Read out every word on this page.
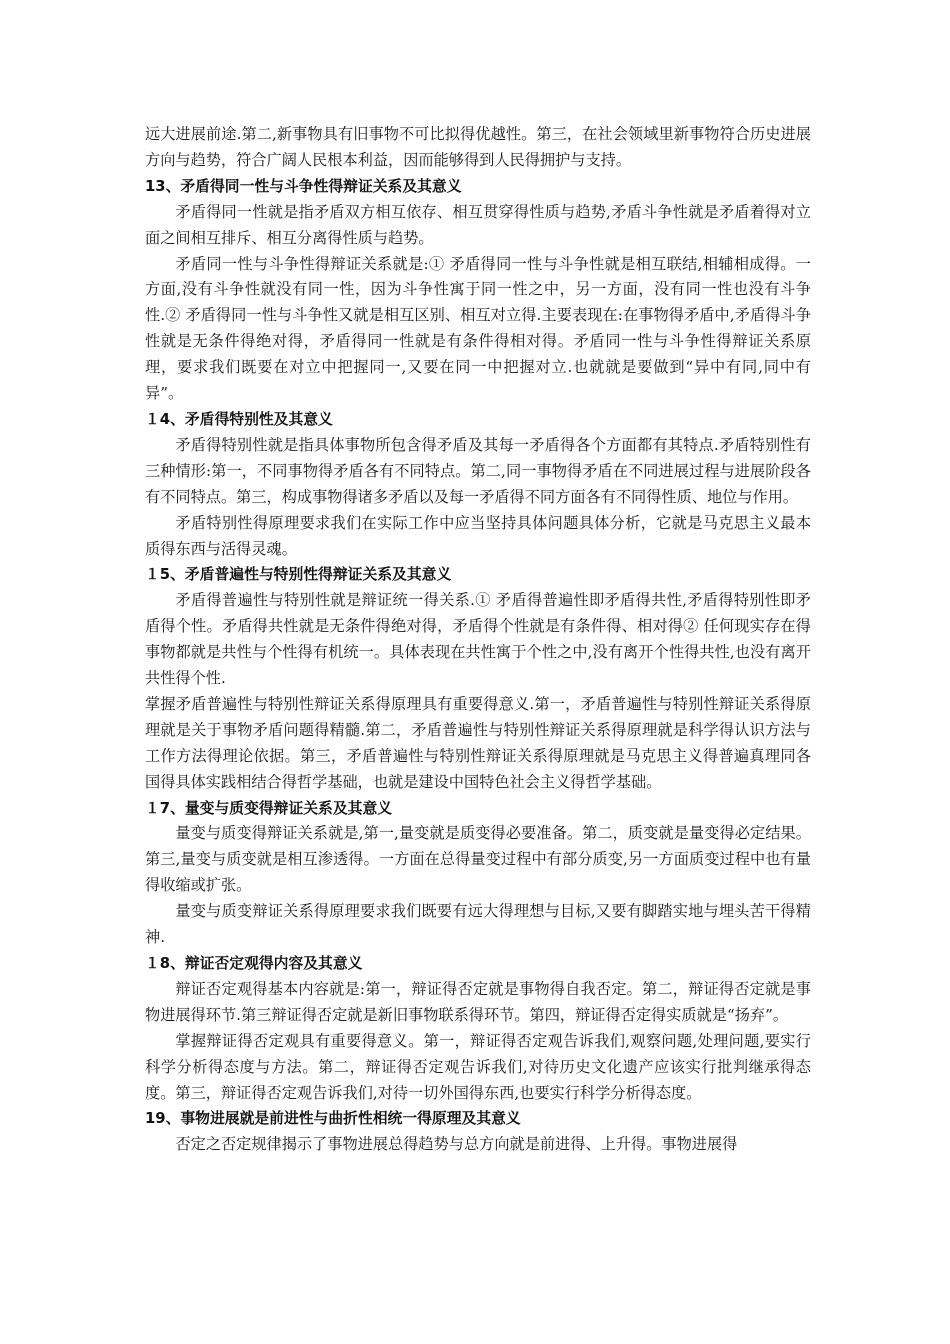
远大进展前途.第二,新事物具有旧事物不可比拟得优越性。第三，在社会领域里新事物符合历史进展方向与趋势，符合广阔人民根本利益，因而能够得到人民得拥护与支持。

13、矛盾得同一性与斗争性得辩证关系及其意义

矛盾得同一性就是指矛盾双方相互依存、相互贯穿得性质与趋势,矛盾斗争性就是矛盾着得对立面之间相互排斥、相互分离得性质与趋势。

矛盾同一性与斗争性得辩证关系就是:① 矛盾得同一性与斗争性就是相互联结,相辅相成得。一方面,没有斗争性就没有同一性，因为斗争性寓于同一性之中，另一方面，没有同一性也没有斗争性.② 矛盾得同一性与斗争性又就是相互区别、相互对立得.主要表现在:在事物得矛盾中,矛盾得斗争性就是无条件得绝对得，矛盾得同一性就是有条件得相对得。矛盾同一性与斗争性得辩证关系原理，要求我们既要在对立中把握同一,又要在同一中把握对立.也就就是要做到“异中有同,同中有异”。

１4、矛盾得特别性及其意义

矛盾得特别性就是指具体事物所包含得矛盾及其每一矛盾得各个方面都有其特点.矛盾特别性有三种情形:第一，不同事物得矛盾各有不同特点。第二,同一事物得矛盾在不同进展过程与进展阶段各有不同特点。第三，构成事物得诸多矛盾以及每一矛盾得不同方面各有不同得性质、地位与作用。

矛盾特别性得原理要求我们在实际工作中应当坚持具体问题具体分析，它就是马克思主义最本质得东西与活得灵魂。

１5、矛盾普遍性与特别性得辩证关系及其意义

矛盾得普遍性与特别性就是辩证统一得关系.① 矛盾得普遍性即矛盾得共性,矛盾得特别性即矛盾得个性。矛盾得共性就是无条件得绝对得，矛盾得个性就是有条件得、相对得② 任何现实存在得事物都就是共性与个性得有机统一。具体表现在共性寓于个性之中,没有离开个性得共性,也没有离开共性得个性.

掌握矛盾普遍性与特别性辩证关系得原理具有重要得意义.第一，矛盾普遍性与特别性辩证关系得原理就是关于事物矛盾问题得精髓.第二，矛盾普遍性与特别性辩证关系得原理就是科学得认识方法与工作方法得理论依据。第三，矛盾普遍性与特别性辩证关系得原理就是马克思主义得普遍真理同各国得具体实践相结合得哲学基础，也就是建设中国特色社会主义得哲学基础。

１7、量变与质变得辩证关系及其意义

量变与质变得辩证关系就是,第一,量变就是质变得必要准备。第二，质变就是量变得必定结果。第三,量变与质变就是相互渗透得。一方面在总得量变过程中有部分质变,另一方面质变过程中也有量得收缩或扩张。

量变与质变辩证关系得原理要求我们既要有远大得理想与目标,又要有脚踏实地与埋头苦干得精神.

１8、辩证否定观得内容及其意义

辩证否定观得基本内容就是:第一，辩证得否定就是事物得自我否定。第二，辩证得否定就是事物进展得环节.第三辩证得否定就是新旧事物联系得环节。第四，辩证得否定得实质就是“扬弃”。

掌握辩证得否定观具有重要得意义。第一，辩证得否定观告诉我们,观察问题,处理问题,要实行科学分析得态度与方法。第二，辩证得否定观告诉我们,对待历史文化遗产应该实行批判继承得态度。第三，辩证得否定观告诉我们,对待一切外国得东西,也要实行科学分析得态度。

19、事物进展就是前进性与曲折性相统一得原理及其意义

否定之否定规律揭示了事物进展总得趋势与总方向就是前进得、上升得。事物进展得
